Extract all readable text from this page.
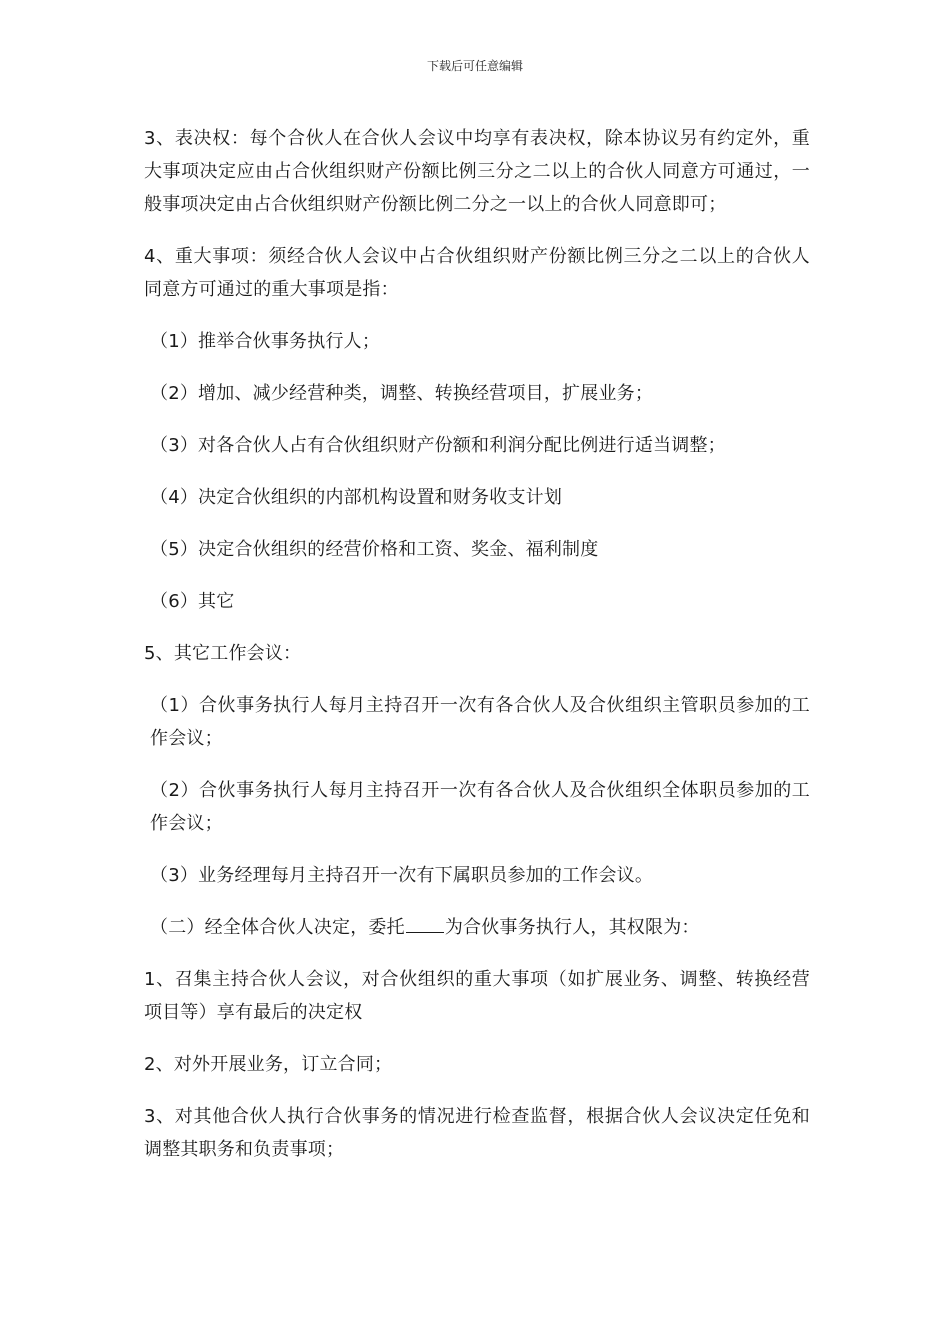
下载后可任意编辑

3、表决权：每个合伙人在合伙人会议中均享有表决权，除本协议另有约定外，重大事项决定应由占合伙组织财产份额比例三分之二以上的合伙人同意方可通过，一般事项决定由占合伙组织财产份额比例二分之一以上的合伙人同意即可；

4、重大事项：须经合伙人会议中占合伙组织财产份额比例三分之二以上的合伙人同意方可通过的重大事项是指：

（1）推举合伙事务执行人；

（2）增加、减少经营种类，调整、转换经营项目，扩展业务；

（3）对各合伙人占有合伙组织财产份额和利润分配比例进行适当调整；

（4）决定合伙组织的内部机构设置和财务收支计划

（5）决定合伙组织的经营价格和工资、奖金、福利制度

（6）其它

5、其它工作会议：

（1）合伙事务执行人每月主持召开一次有各合伙人及合伙组织主管职员参加的工作会议；

（2）合伙事务执行人每月主持召开一次有各合伙人及合伙组织全体职员参加的工作会议；

（3）业务经理每月主持召开一次有下属职员参加的工作会议。

（二）经全体合伙人决定，委托 为合伙事务执行人，其权限为：

1、召集主持合伙人会议，对合伙组织的重大事项（如扩展业务、调整、转换经营项目等）享有最后的决定权

2、对外开展业务，订立合同；

3、对其他合伙人执行合伙事务的情况进行检查监督，根据合伙人会议决定任免和调整其职务和负责事项；
